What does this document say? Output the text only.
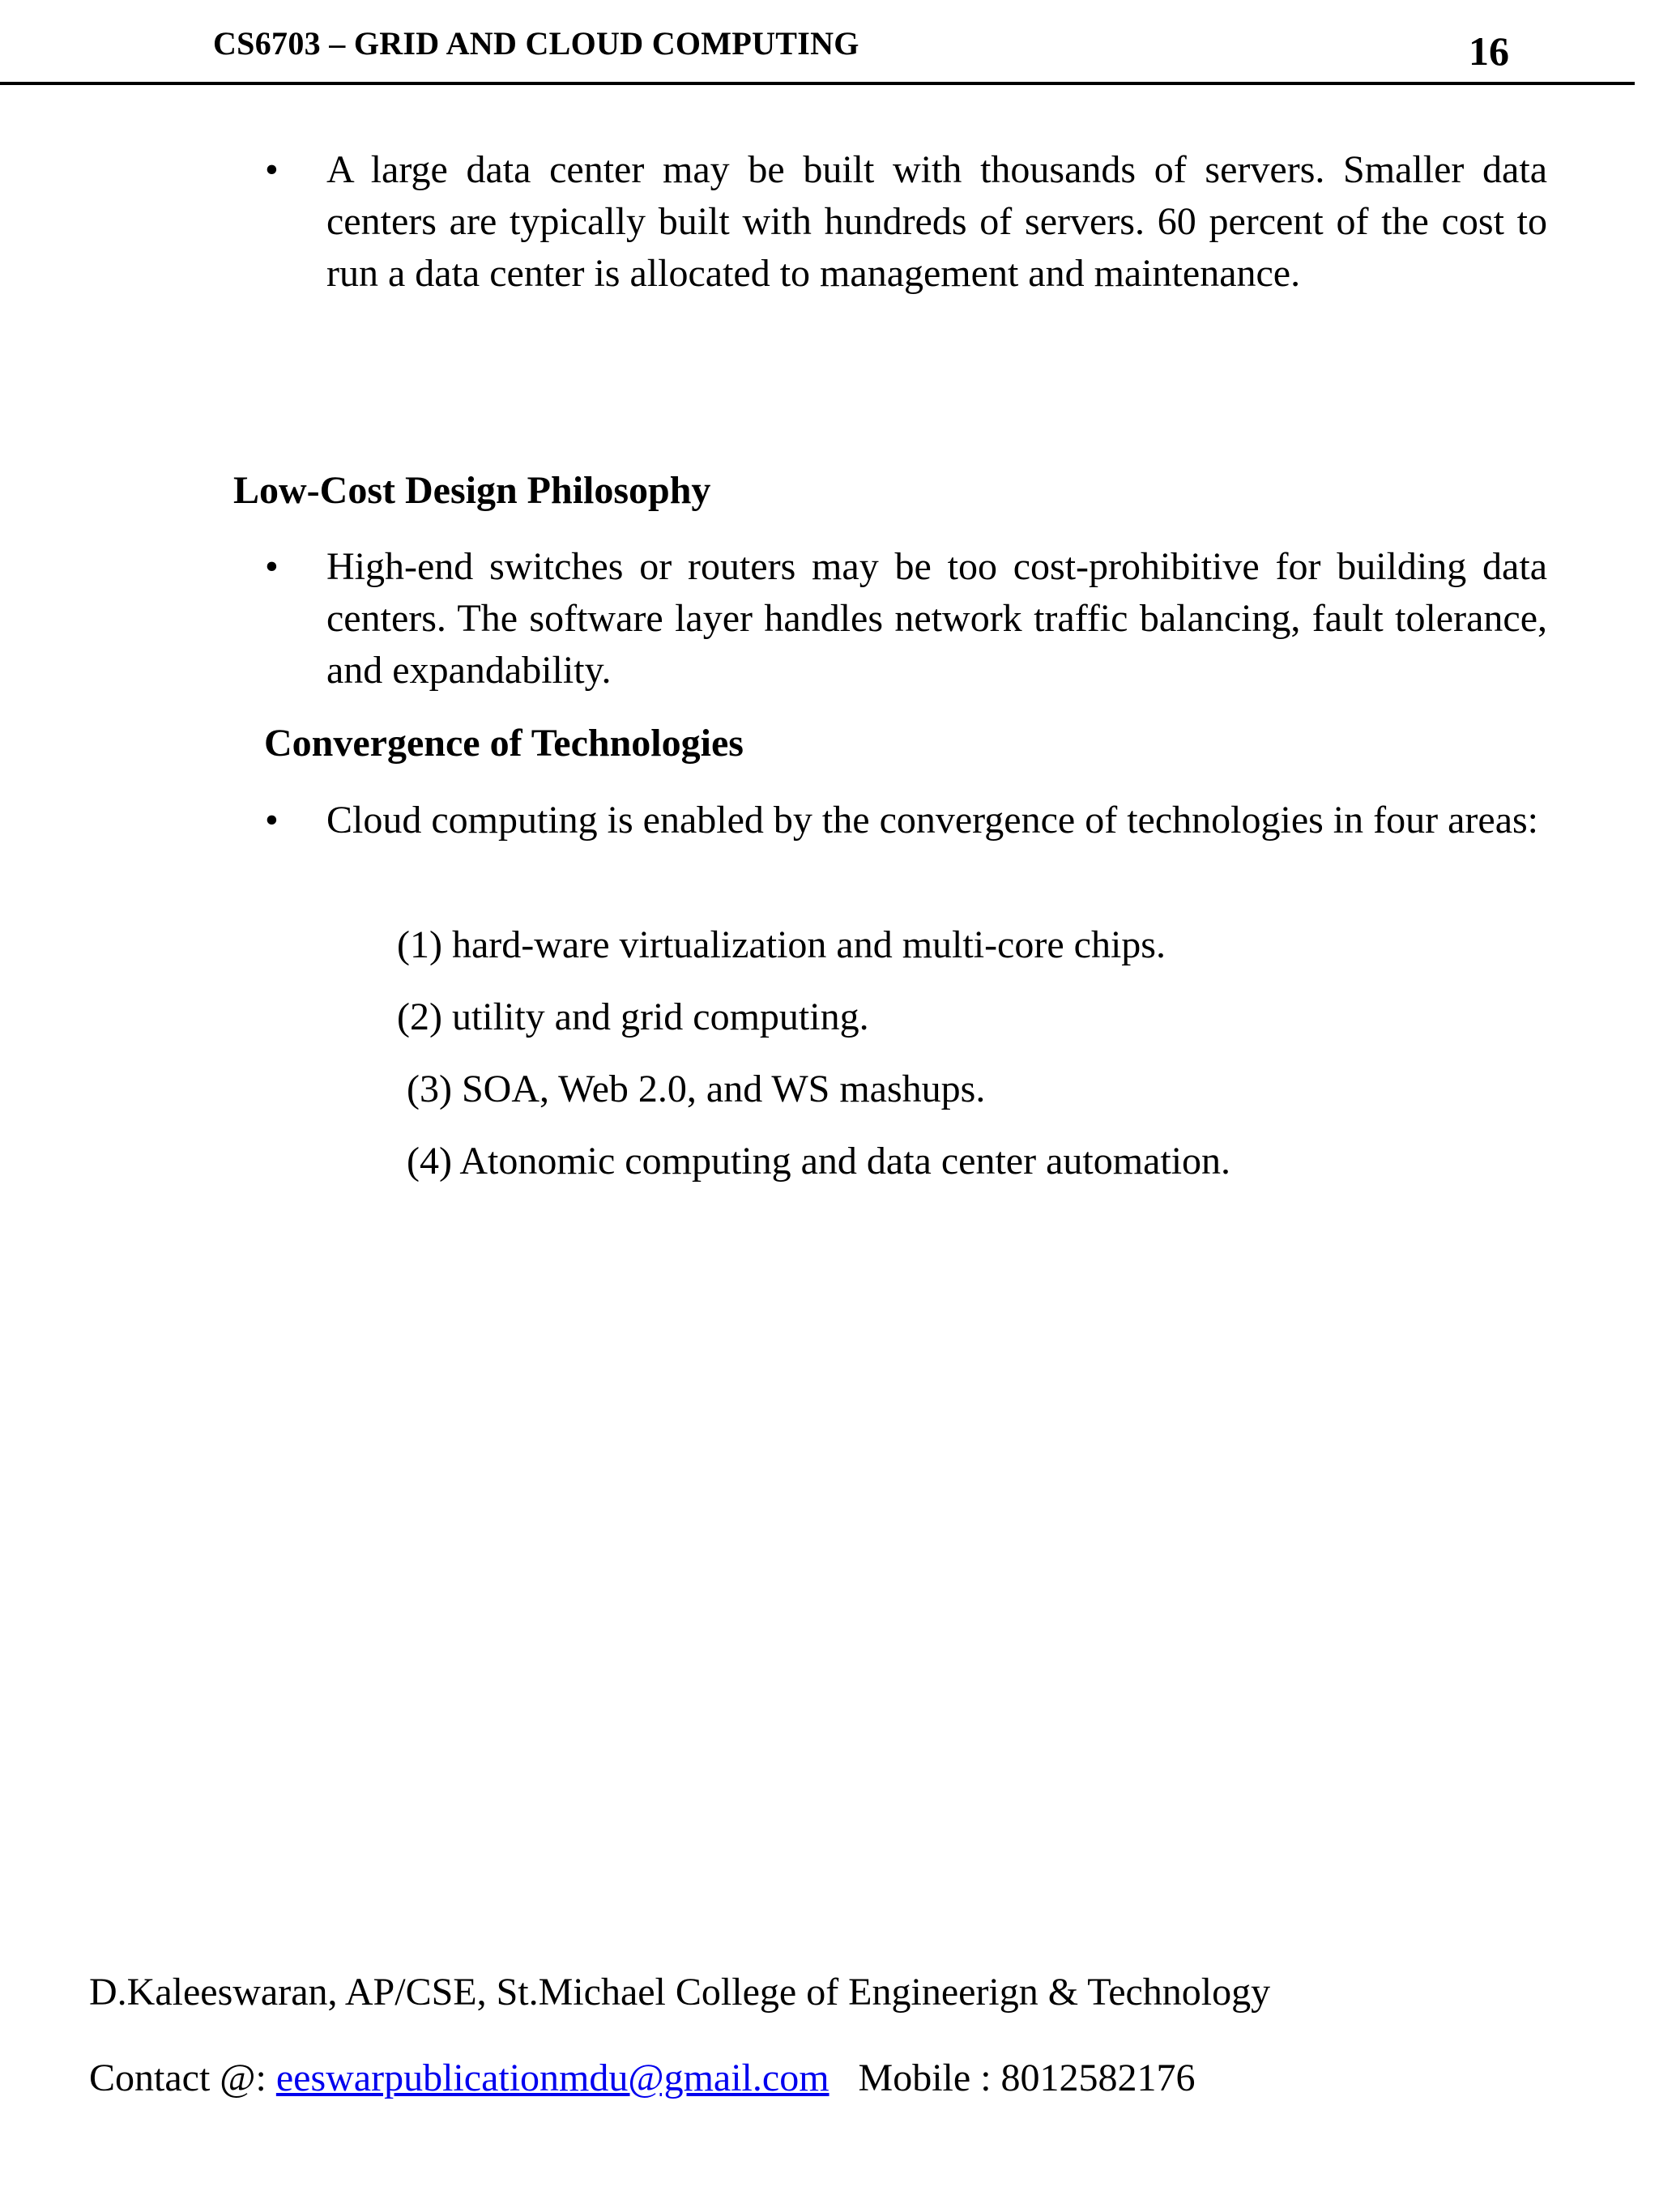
CS6703 – GRID AND CLOUD COMPUTING	16
• A large data center may be built with thousands of servers. Smaller data centers are typically built with hundreds of servers. 60 percent of the cost to run a data center is allocated to management and maintenance.
Low-Cost Design Philosophy
• High-end switches or routers may be too cost-prohibitive for building data centers. The software layer handles network traffic balancing, fault tolerance, and expandability.
Convergence of Technologies
• Cloud computing is enabled by the convergence of technologies in four areas:
(1) hard-ware virtualization and multi-core chips.
(2) utility and grid computing.
(3) SOA, Web 2.0, and WS mashups.
(4) Atonomic computing and data center automation.
D.Kaleeswaran, AP/CSE, St.Michael College of Engineerign & Technology
Contact @: eeswarpublicationmdu@gmail.com Mobile : 8012582176
